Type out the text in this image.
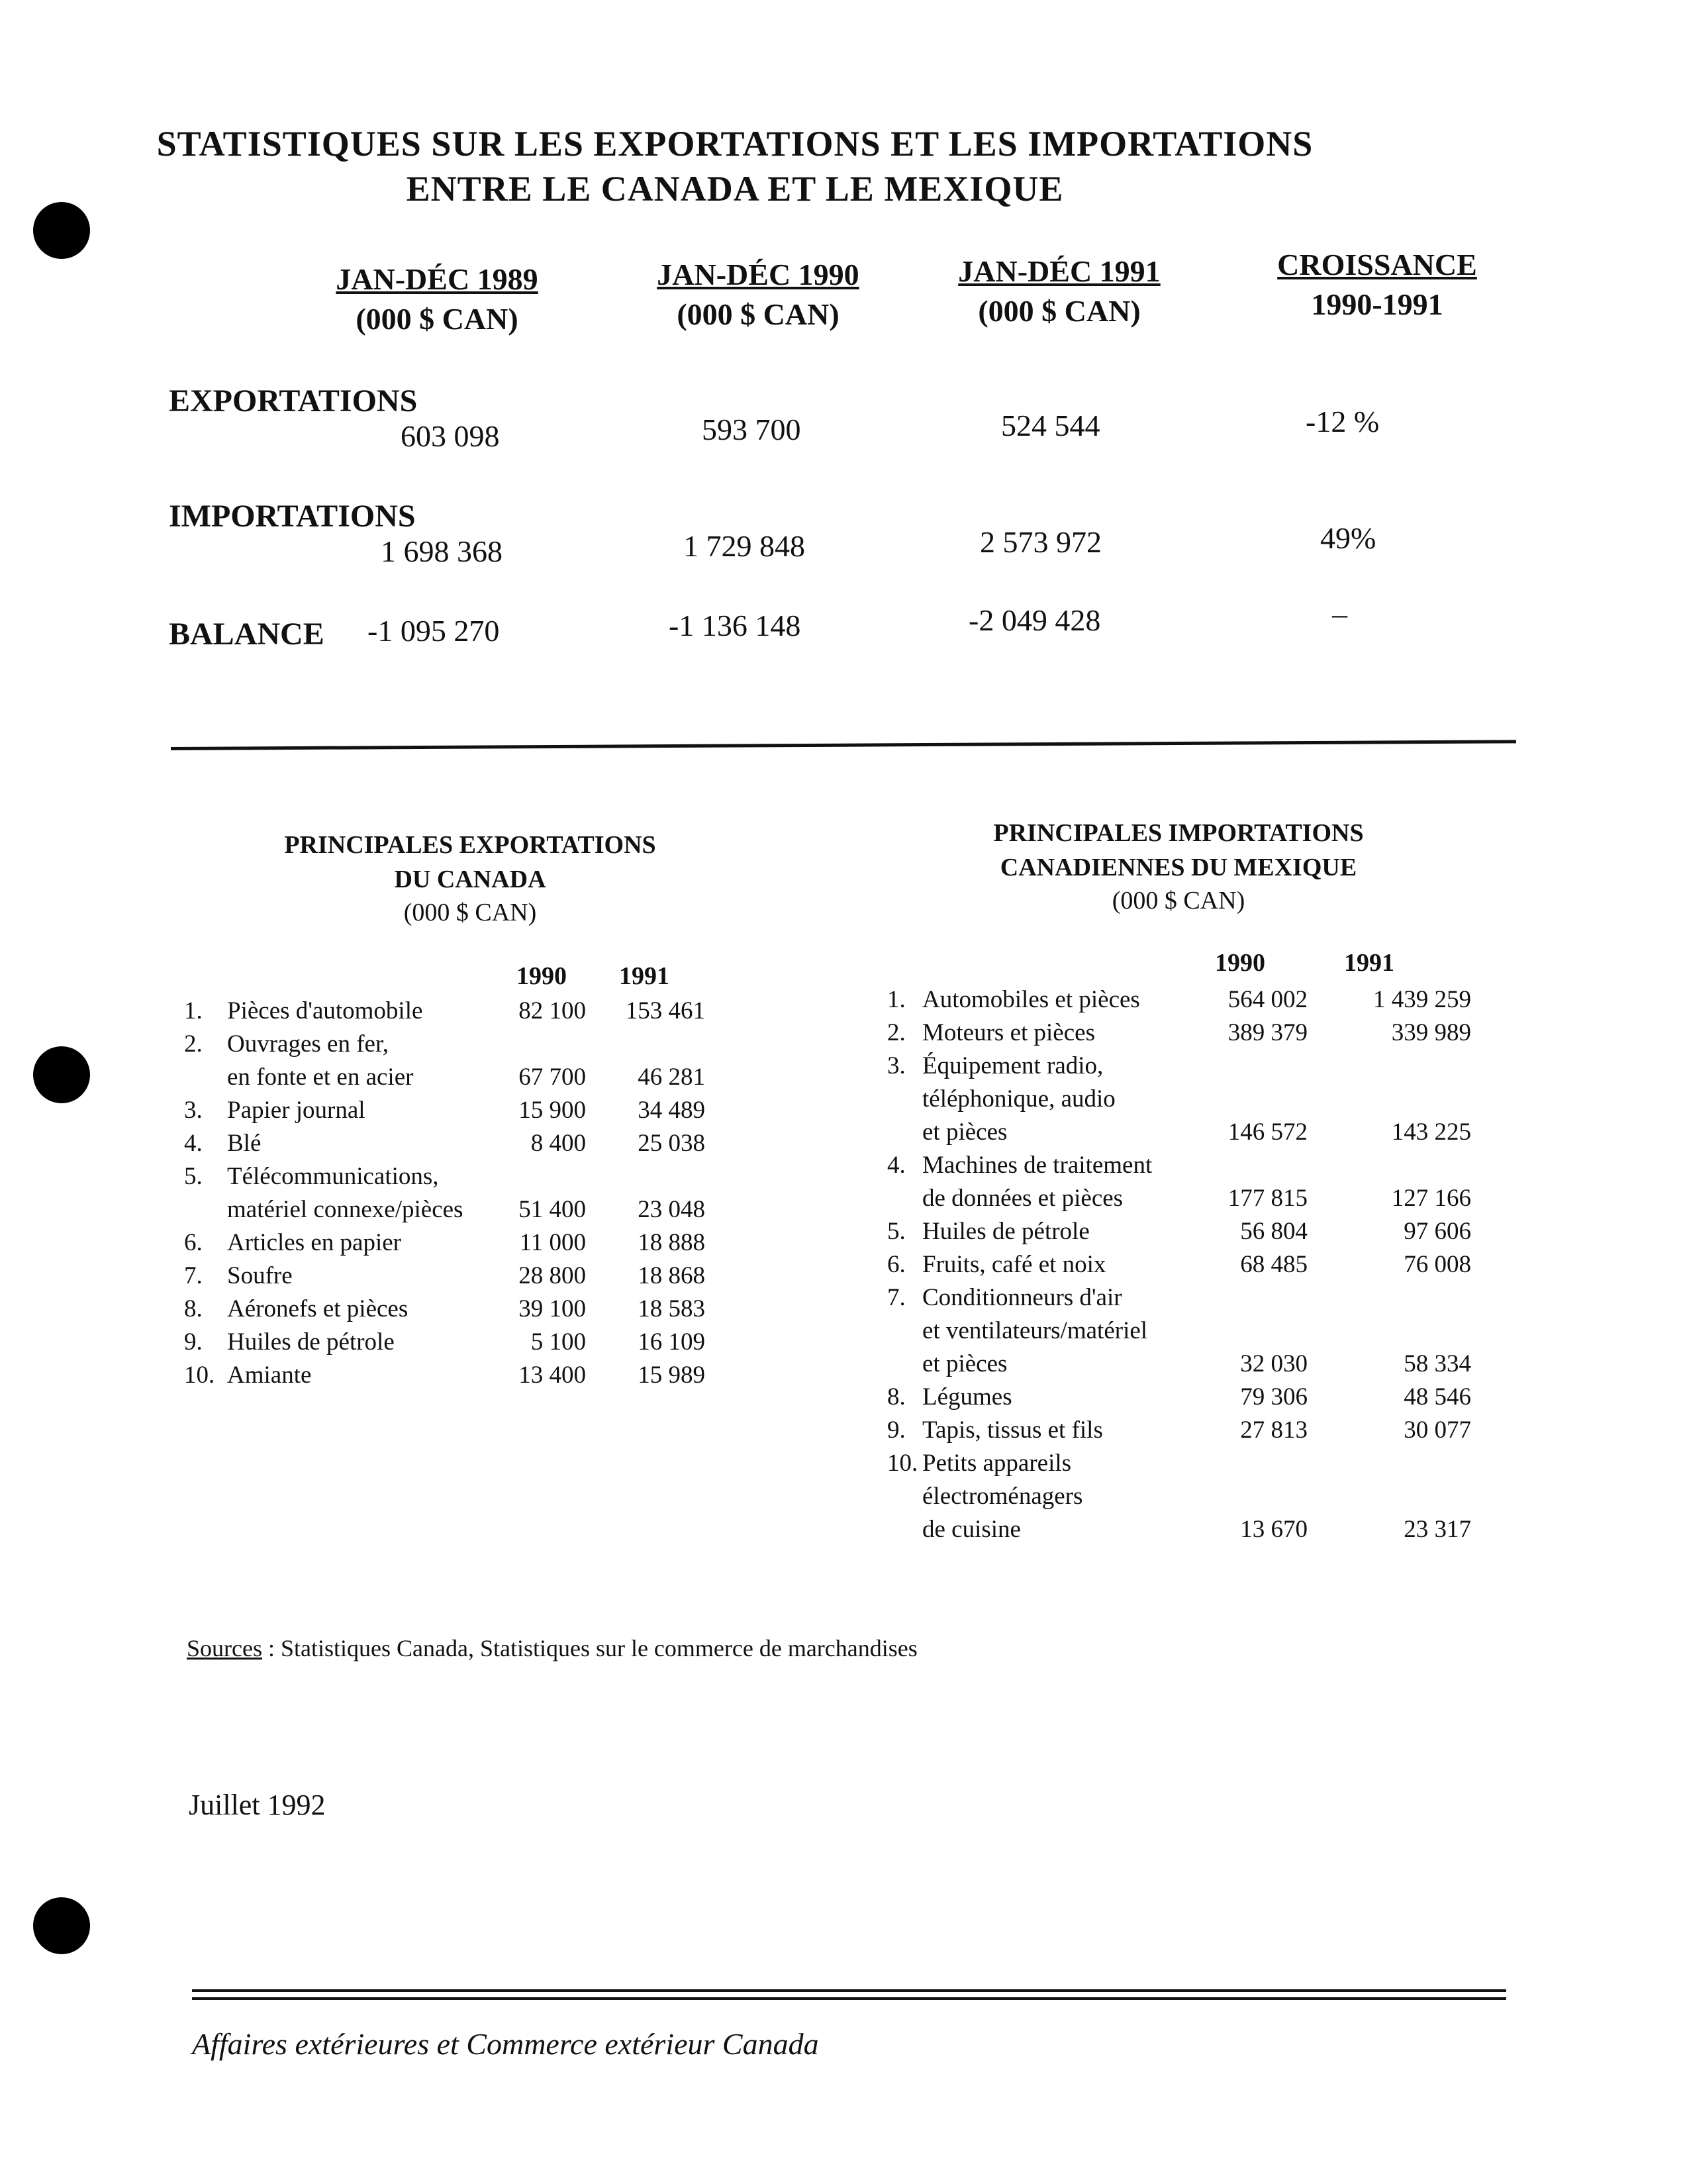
STATISTIQUES SUR LES EXPORTATIONS ET LES IMPORTATIONS
ENTRE LE CANADA ET LE MEXIQUE
JAN-DÉC 1989
(000 $ CAN)
JAN-DÉC 1990
(000 $ CAN)
JAN-DÉC 1991
(000 $ CAN)
CROISSANCE
1990-1991
EXPORTATIONS
603 098	593 700	524 544	-12 %
IMPORTATIONS
1 698 368	1 729 848	2 573 972	49%
BALANCE -1 095 270	-1 136 148	-2 049 428	–
PRINCIPALES EXPORTATIONS
DU CANADA
(000 $ CAN)
1990 1991
1. Pièces d'automobile	82 100	153 461
2. Ouvrages en fer,
en fonte et en acier	67 700	46 281
3. Papier journal	15 900	34 489
4. Blé	8 400	25 038
5. Télécommunications,
matériel connexe/pièces	51 400	23 048
6. Articles en papier	11 000	18 888
7. Soufre	28 800	18 868
8. Aéronefs et pièces	39 100	18 583
9. Huiles de pétrole	5 100	16 109
10. Amiante	13 400	15 989
PRINCIPALES IMPORTATIONS
CANADIENNES DU MEXIQUE
(000 $ CAN)
1990	1991
1. Automobiles et pièces	564 002	1 439 259
2. Moteurs et pièces	389 379	339 989
3. Équipement radio,
téléphonique, audio
et pièces	146 572	143 225
4. Machines de traitement
de données et pièces	177 815	127 166
5. Huiles de pétrole	56 804	97 606
6. Fruits, café et noix	68 485	76 008
7. Conditionneurs d'air
et ventilateurs/matériel
et pièces	32 030	58 334
8. Légumes	79 306	48 546
9. Tapis, tissus et fils	27 813	30 077
10. Petits appareils
électroménagers
de cuisine	13 670	23 317
Sources : Statistiques Canada, Statistiques sur le commerce de marchandises
Juillet 1992
Affaires extérieures et Commerce extérieur Canada
